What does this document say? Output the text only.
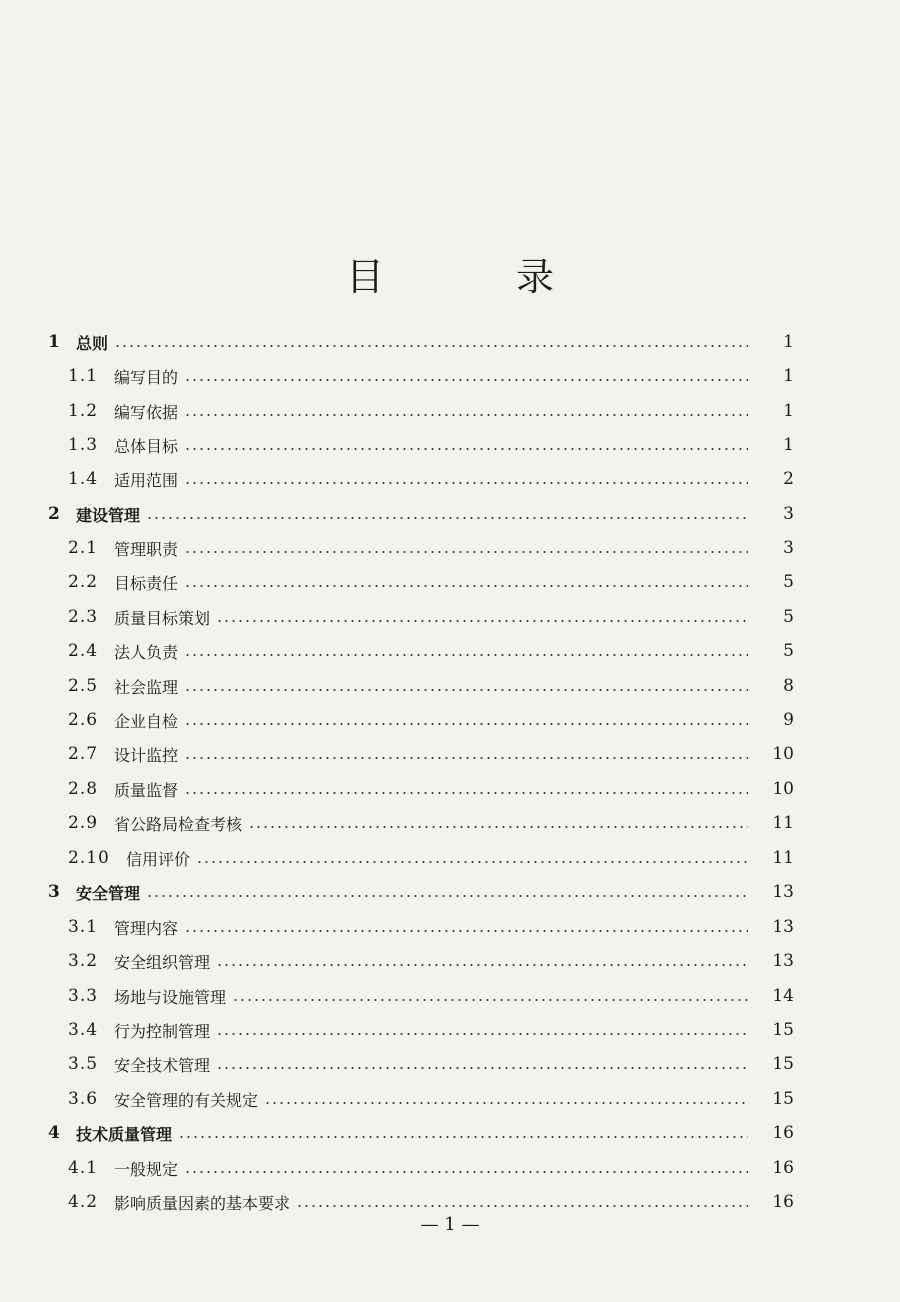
目 录
1	总则	1
1.1 编写目的	1
1.2 编写依据	1
1.3 总体目标	1
1.4 适用范围	2
2	建设管理	3
2.1 管理职责	3
2.2 目标责任	5
2.3 质量目标策划	5
2.4 法人负责	5
2.5 社会监理	8
2.6 企业自检	9
2.7 设计监控	10
2.8 质量监督	10
2.9 省公路局检查考核	11
2.10	信用评价	11
3	安全管理	13
3.1 管理内容	13
3.2 安全组织管理	13
3.3 场地与设施管理	14
3.4 行为控制管理	15
3.5 安全技术管理	15
3.6 安全管理的有关规定	15
4	技术质量管理	16
4.1 一般规定	16
4.2 影响质量因素的基本要求	16
— 1 —
